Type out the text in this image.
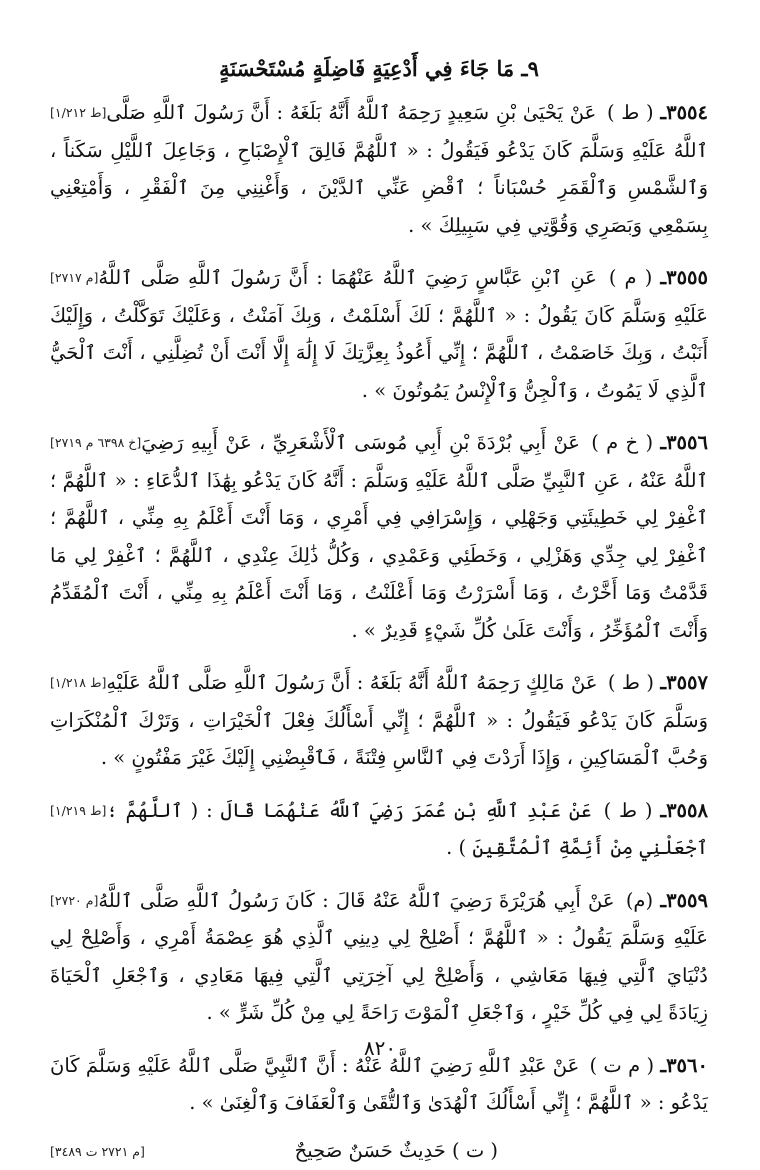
٩ـ مَا جَاءَ فِي أَدْعِيَةٍ فَاضِلَةٍ مُسْتَحْسَنَةٍ

[ط ١/٢١٢]	٣٥٥٤ـ ( ط ) عَنْ يَحْيَىٰ بْنِ سَعِيدٍ رَحِمَهُ ٱللَّهُ أَنَّهُ بَلَغَهُ : أَنَّ رَسُولَ ٱللَّهِ صَلَّى ٱللَّهُ عَلَيْهِ وَسَلَّمَ كَانَ يَدْعُو فَيَقُولُ : « ٱللَّهُمَّ فَالِقَ ٱلْإِصْبَاحِ ، وَجَاعِلَ ٱللَّيْلِ سَكَناً ، وَٱلشَّمْسِ وَٱلْقَمَرِ حُسْبَاناً ؛ ٱقْضِ عَنِّي ٱلدَّيْنَ ، وَأَغْنِنِي مِنَ ٱلْفَقْرِ ، وَأَمْتِعْنِي بِسَمْعِي وَبَصَرِي وَقُوَّتِي فِي سَبِيلِكَ » .

[م ٢٧١٧]	٣٥٥٥ـ ( م ) عَنِ ٱبْنِ عَبَّاسٍ رَضِيَ ٱللَّهُ عَنْهُمَا : أَنَّ رَسُولَ ٱللَّهِ صَلَّى ٱللَّهُ عَلَيْهِ وَسَلَّمَ كَانَ يَقُولُ : « ٱللَّهُمَّ ؛ لَكَ أَسْلَمْتُ ، وَبِكَ آمَنْتُ ، وَعَلَيْكَ تَوَكَّلْتُ ، وَإِلَيْكَ أَنَبْتُ ، وَبِكَ خَاصَمْتُ ، ٱللَّهُمَّ ؛ إِنِّي أَعُوذُ بِعِزَّتِكَ لَا إِلَٰهَ إِلَّا أَنْتَ أَنْ تُضِلَّنِي ، أَنْتَ ٱلْحَيُّ ٱلَّذِي لَا يَمُوتُ ، وَٱلْجِنُّ وَٱلْإِنْسُ يَمُوتُونَ » .

[خ ٦٣٩٨ م ٢٧١٩]	٣٥٥٦ـ ( خ م ) عَنْ أَبِي بُرْدَةَ بْنِ أَبِي مُوسَى ٱلْأَشْعَرِيِّ ، عَنْ أَبِيهِ رَضِيَ ٱللَّهُ عَنْهُ ، عَنِ ٱلنَّبِيِّ صَلَّى ٱللَّهُ عَلَيْهِ وَسَلَّمَ : أَنَّهُ كَانَ يَدْعُو بِهَٰذَا ٱلدُّعَاءِ : « ٱللَّهُمَّ ؛ ٱغْفِرْ لِي خَطِيئَتِي وَجَهْلِي ، وَإِسْرَافِي فِي أَمْرِي ، وَمَا أَنْتَ أَعْلَمُ بِهِ مِنِّي ، ٱللَّهُمَّ ؛ ٱغْفِرْ لِي جِدِّي وَهَزْلِي ، وَخَطَئِي وَعَمْدِي ، وَكُلُّ ذَٰلِكَ عِنْدِي ، ٱللَّهُمَّ ؛ ٱغْفِرْ لِي مَا قَدَّمْتُ وَمَا أَخَّرْتُ ، وَمَا أَسْرَرْتُ وَمَا أَعْلَنْتُ ، وَمَا أَنْتَ أَعْلَمُ بِهِ مِنِّي ، أَنْتَ ٱلْمُقَدِّمُ وَأَنْتَ ٱلْمُؤَخِّرُ ، وَأَنْتَ عَلَىٰ كُلِّ شَيْءٍ قَدِيرٌ » .

[ط ١/٢١٨]	٣٥٥٧ـ ( ط ) عَنْ مَالِكٍ رَحِمَهُ ٱللَّهُ أَنَّهُ بَلَغَهُ : أَنَّ رَسُولَ ٱللَّهِ صَلَّى ٱللَّهُ عَلَيْهِ وَسَلَّمَ كَانَ يَدْعُو فَيَقُولُ : « ٱللَّهُمَّ ؛ إِنِّي أَسْأَلُكَ فِعْلَ ٱلْخَيْرَاتِ ، وَتَرْكَ ٱلْمُنْكَرَاتِ وَحُبَّ ٱلْمَسَاكِينِ ، وَإِذَا أَرَدْتَ فِي ٱلنَّاسِ فِتْنَةً ، فَٱقْبِضْنِي إِلَيْكَ غَيْرَ مَفْتُونٍ » .

[ط ١/٢١٩]	٣٥٥٨ـ ( ط ) عَنْ عَبْدِ ٱللَّهِ بْنِ عُمَرَ رَضِيَ ٱللَّهُ عَنْهُمَا قَالَ : ( ٱللَّهُمَّ ؛ ٱجْعَلْنِي مِنْ أَئِمَّةِ ٱلْمُتَّقِينَ ) .

[م ٢٧٢٠]	٣٥٥٩ـ (م) عَنْ أَبِي هُرَيْرَةَ رَضِيَ ٱللَّهُ عَنْهُ قَالَ : كَانَ رَسُولُ ٱللَّهِ صَلَّى ٱللَّهُ عَلَيْهِ وَسَلَّمَ يَقُولُ : « ٱللَّهُمَّ ؛ أَصْلِحْ لِي دِينِي ٱلَّذِي هُوَ عِصْمَةُ أَمْرِي ، وَأَصْلِحْ لِي دُنْيَايَ ٱلَّتِي فِيهَا مَعَاشِي ، وَأَصْلِحْ لِي آخِرَتِي ٱلَّتِي فِيهَا مَعَادِي ، وَٱجْعَلِ ٱلْحَيَاةَ زِيَادَةً لِي فِي كُلِّ خَيْرٍ ، وَٱجْعَلِ ٱلْمَوْتَ رَاحَةً لِي مِنْ كُلِّ شَرٍّ » .

٣٥٦٠ـ ( م ت ) عَنْ عَبْدِ ٱللَّهِ رَضِيَ ٱللَّهُ عَنْهُ : أَنَّ ٱلنَّبِيَّ صَلَّى ٱللَّهُ عَلَيْهِ وَسَلَّمَ كَانَ يَدْعُو : « ٱللَّهُمَّ ؛ إِنِّي أَسْأَلُكَ ٱلْهُدَىٰ وَٱلتُّقَىٰ وَٱلْعَفَافَ وَٱلْغِنَىٰ » .

[م ٢٧٢١ ت ٣٤٨٩]	( ت ) حَدِيثٌ حَسَنٌ صَحِيحٌ
٨٢٠
